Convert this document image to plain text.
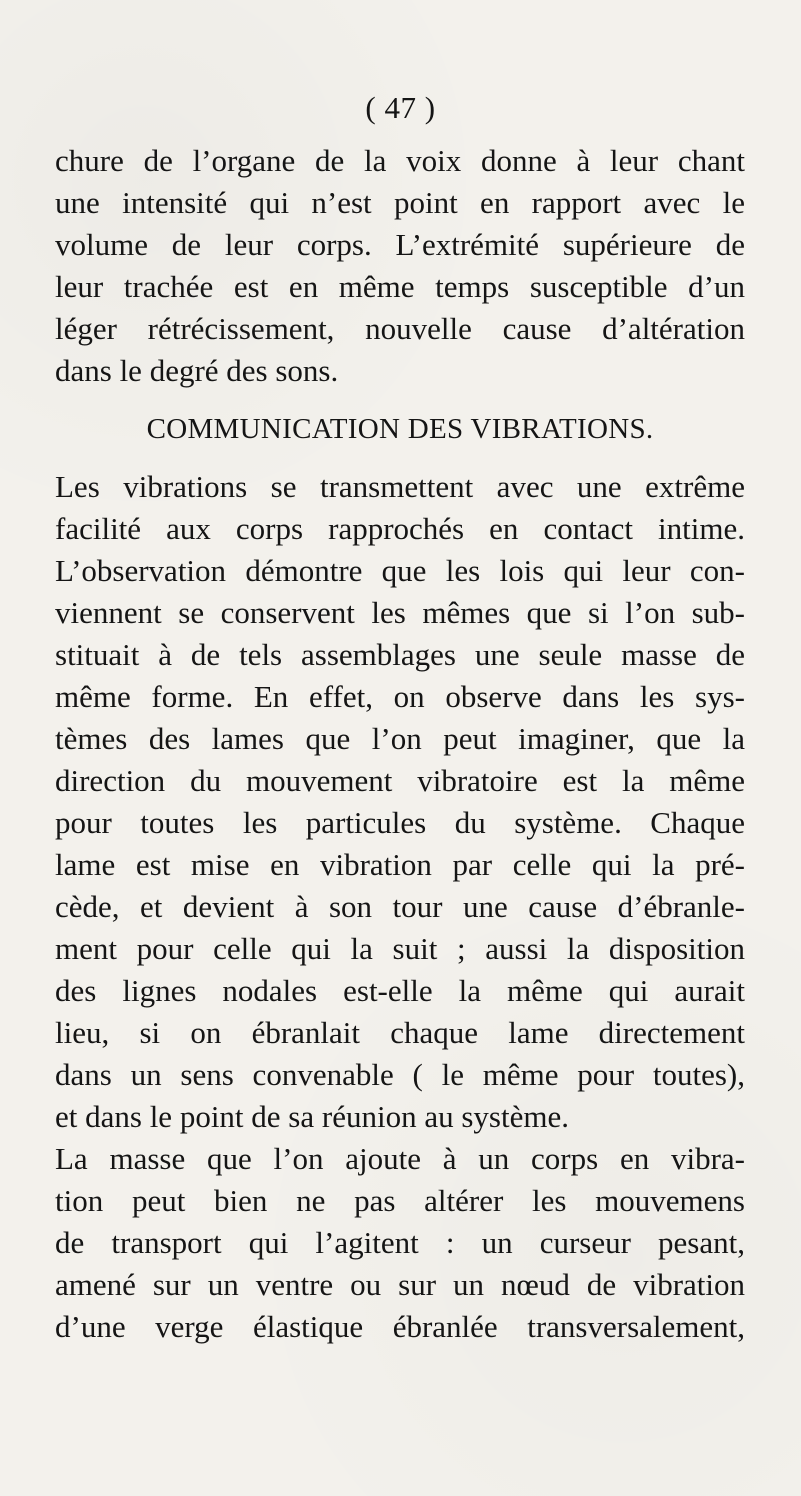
( 47 )
chure de l’organe de la voix donne à leur chant
une intensité qui n’est point en rapport avec le
volume de leur corps. L’extrémité supérieure de
leur trachée est en même temps susceptible d’un
léger rétrécissement, nouvelle cause d’altération
dans le degré des sons.
COMMUNICATION DES VIBRATIONS.
Les vibrations se transmettent avec une extrême
facilité aux corps rapprochés en contact intime.
L’observation démontre que les lois qui leur con-
viennent se conservent les mêmes que si l’on sub-
stituait à de tels assemblages une seule masse de
même forme. En effet, on observe dans les sys-
tèmes des lames que l’on peut imaginer, que la
direction du mouvement vibratoire est la même
pour toutes les particules du système. Chaque
lame est mise en vibration par celle qui la pré-
cède, et devient à son tour une cause d’ébranle-
ment pour celle qui la suit ; aussi la disposition
des lignes nodales est-elle la même qui aurait
lieu, si on ébranlait chaque lame directement
dans un sens convenable ( le même pour toutes),
et dans le point de sa réunion au système.
La masse que l’on ajoute à un corps en vibra-
tion peut bien ne pas altérer les mouvemens
de transport qui l’agitent : un curseur pesant,
amené sur un ventre ou sur un nœud de vibration
d’une verge élastique ébranlée transversalement,
